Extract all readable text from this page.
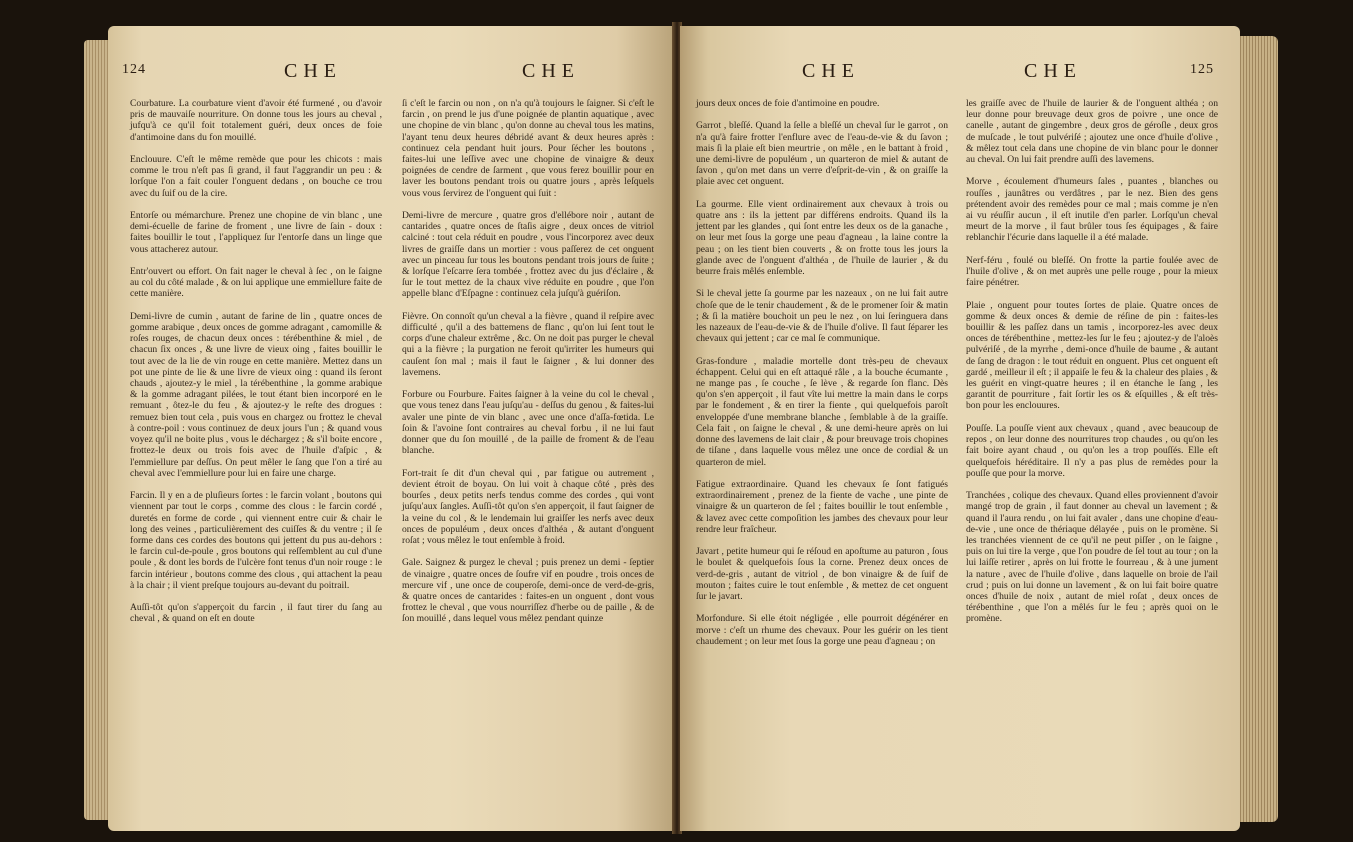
124	CHE	CHE
Courbature. La courbature vient d'avoir été furmené , ou d'avoir pris de mauvaiſe nourriture. On donne tous les jours au cheval , jufqu'à ce qu'il foit totalement guéri, deux onces de foie d'antimoine dans du fon mouillé.

Enclouure. C'eſt le même remède que pour les chicots : mais comme le trou n'eſt pas ſi grand, il faut l'aggrandir un peu : & lorſque l'on a fait couler l'onguent dedans , on bouche ce trou avec du ſuif ou de la cire.

Entorſe ou mémarchure. Prenez une chopine de vin blanc , une demi-écuelle de farine de froment , une livre de ſain - doux : faites bouillir le tout , l'appliquez ſur l'entorſe dans un linge que vous attacherez autour.

Entr'ouvert ou effort. On fait nager le cheval à ſec , on le ſaigne au col du côté malade , & on lui applique une emmiellure faite de cette manière.

Demi-livre de cumin , autant de farine de lin , quatre onces de gomme arabique , deux onces de gomme adragant , camomille & roſes rouges, de chacun deux onces : térébenthine & miel , de chacun ſix onces , & une livre de vieux oing , faites bouillir le tout avec de la lie de vin rouge en cette manière. Mettez dans un pot une pinte de lie & une livre de vieux oing : quand ils ſeront chauds , ajoutez-y le miel , la térébenthine , la gomme arabique & la gomme adragant pilées, le tout étant bien incorporé en le remuant , ôtez-le du feu , & ajoutez-y le reſte des drogues : remuez bien tout cela , puis vous en chargez ou frottez le cheval à contre-poil : vous continuez de deux jours l'un ; & quand vous voyez qu'il ne boite plus , vous le déchargez ; & s'il boite encore , frottez-le deux ou trois fois avec de l'huile d'aſpic , & l'emmiellure par deſſus. On peut mêler le ſang que l'on a tiré au cheval avec l'emmiellure pour lui en faire une charge.

Farcin. Il y en a de pluſieurs ſortes : le farcin volant , boutons qui viennent par tout le corps , comme des clous : le farcin cordé , duretés en forme de corde , qui viennent entre cuir & chair le long des veines , particulièrement des cuiſſes & du ventre ; il ſe forme dans ces cordes des boutons qui jettent du pus au-dehors : le farcin cul-de-poule , gros boutons qui reſſemblent au cul d'une poule , & dont les bords de l'ulcère font tenus d'un noir rouge : le farcin intérieur , boutons comme des clous , qui attachent la peau à la chair ; il vient preſque toujours au-devant du poitrail.

Auſſi-tôt qu'on s'apperçoit du farcin , il faut tirer du ſang au cheval , & quand on eſt en doute
ſi c'eſt le farcin ou non , on n'a qu'à toujours le ſaigner. Si c'eſt le farcin , on prend le jus d'une poignée de plantin aquatique , avec une chopine de vin blanc , qu'on donne au cheval tous les matins, l'ayant tenu deux heures débridé avant & deux heures après : continuez cela pendant huit jours. Pour ſécher les boutons , faites-lui une leſſive avec une chopine de vinaigre & deux poignées de cendre de ſarment , que vous ferez bouillir pour en laver les boutons pendant trois ou quatre jours , après leſquels vous vous ſervirez de l'onguent qui ſuit :

Demi-livre de mercure , quatre gros d'ellébore noir , autant de cantarides , quatre onces de ſtaſis aigre , deux onces de vitriol calciné : tout cela réduit en poudre , vous l'incorporez avec deux livres de graiſſe dans un mortier : vous paſſerez de cet onguent avec un pinceau ſur tous les boutons pendant trois jours de ſuite ; & lorſque l'eſcarre ſera tombée , frottez avec du jus d'éclaire , & ſur le tout mettez de la chaux vive réduite en poudre , que l'on appelle blanc d'Eſpagne : continuez cela juſqu'à guériſon.

Fièvre. On connoît qu'un cheval a la fièvre , quand il reſpire avec difficulté , qu'il a des battemens de flanc , qu'on lui ſent tout le corps d'une chaleur extrême , &c. On ne doit pas purger le cheval qui a la fièvre ; la purgation ne feroit qu'irriter les humeurs qui cauſent ſon mal ; mais il faut le ſaigner , & lui donner des lavemens.

Forbure ou Fourbure. Faites ſaigner à la veine du col le cheval , que vous tenez dans l'eau juſqu'au - deſſus du genou , & faites-lui avaler une pinte de vin blanc , avec une once d'aſſa-fœtida. Le ſoin & l'avoine ſont contraires au cheval forbu , il ne lui faut donner que du ſon mouillé , de la paille de froment & de l'eau blanche.

Fort-trait ſe dit d'un cheval qui , par fatigue ou autrement , devient étroit de boyau. On lui voit à chaque côté , près des bourſes , deux petits nerfs tendus comme des cordes , qui vont juſqu'aux ſangles. Auſſi-tôt qu'on s'en apperçoit, il faut ſaigner de la veine du col , & le lendemain lui graiſſer les nerfs avec deux onces de populéum , deux onces d'althéa , & autant d'onguent roſat ; vous mêlez le tout enſemble à froid.

Gale. Saignez & purgez le cheval ; puis prenez un demi - ſeptier de vinaigre , quatre onces de ſoufre vif en poudre , trois onces de mercure vif , une once de couperoſe, demi-once de verd-de-gris, & quatre onces de cantarides : faites-en un onguent , dont vous frottez le cheval , que vous nourriſſez d'herbe ou de paille , & de ſon mouillé , dans lequel vous mêlez pendant quinze
CHE	CHE	125
jours deux onces de foie d'antimoine en poudre.

Garrot , bleſſé. Quand la ſelle a bleſſé un cheval ſur le garrot , on n'a qu'à faire frotter l'enflure avec de l'eau-de-vie & du ſavon ; mais ſi la plaie eſt bien meurtrie , on mêle , en le battant à froid , une demi-livre de populéum , un quarteron de miel & autant de ſavon , qu'on met dans un verre d'eſprit-de-vin , & on graiſſe la plaie avec cet onguent.

La gourme. Elle vient ordinairement aux chevaux à trois ou quatre ans : ils la jettent par différens endroits. Quand ils la jettent par les glandes , qui ſont entre les deux os de la ganache , on leur met ſous la gorge une peau d'agneau , la laine contre la peau ; on les tient bien couverts , & on frotte tous les jours la glande avec de l'onguent d'althéa , de l'huile de laurier , & du beurre frais mêlés enſemble.

Si le cheval jette ſa gourme par les nazeaux , on ne lui fait autre choſe que de le tenir chaudement , & de le promener ſoir & matin ; & ſi la matière bouchoit un peu le nez , on lui ſeringuera dans les nazeaux de l'eau-de-vie & de l'huile d'olive. Il faut ſéparer les chevaux qui jettent ; car ce mal ſe communique.

Gras-fondure , maladie mortelle dont très-peu de chevaux échappent. Celui qui en eſt attaqué râle , a la bouche écumante , ne mange pas , ſe couche , ſe lève , & regarde ſon flanc. Dès qu'on s'en apperçoit , il faut vîte lui mettre la main dans le corps par le fondement , & en tirer la fiente , qui quelquefois paroît enveloppée d'une membrane blanche , ſemblable à de la graiſſe. Cela fait , on ſaigne le cheval , & une demi-heure après on lui donne des lavemens de lait clair , & pour breuvage trois chopines de tiſane , dans laquelle vous mêlez une once de cordial & un quarteron de miel.

Fatigue extraordinaire. Quand les chevaux ſe ſont fatigués extraordinairement , prenez de la fiente de vache , une pinte de vinaigre & un quarteron de ſel ; faites bouillir le tout enſemble , & lavez avec cette compoſition les jambes des chevaux pour leur rendre leur fraîcheur.

Javart , petite humeur qui ſe réſoud en apoſtume au paturon , ſous le boulet & quelquefois ſous la corne. Prenez deux onces de verd-de-gris , autant de vitriol , de bon vinaigre & de ſuif de mouton ; faites cuire le tout enſemble , & mettez de cet onguent ſur le javart.

Morfondure. Si elle étoit négligée , elle pourroit dégénérer en morve : c'eſt un rhume des chevaux. Pour les guérir on les tient chaudement ; on leur met ſous la gorge une peau d'agneau ; on
les graiſſe avec de l'huile de laurier & de l'onguent althéa ; on leur donne pour breuvage deux gros de poivre , une once de canelle , autant de gingembre , deux gros de géroſle , deux gros de muſcade , le tout pulvériſé ; ajoutez une once d'huile d'olive , & mêlez tout cela dans une chopine de vin blanc pour le donner au cheval. On lui fait prendre auſſi des lavemens.

Morve , écoulement d'humeurs ſales , puantes , blanches ou rouſſes , jaunâtres ou verdâtres , par le nez. Bien des gens prétendent avoir des remèdes pour ce mal ; mais comme je n'en ai vu réuſſir aucun , il eſt inutile d'en parler. Lorſqu'un cheval meurt de la morve , il faut brûler tous ſes équipages , & faire reblanchir l'écurie dans laquelle il a été malade.

Nerf-féru , foulé ou bleſſé. On frotte la partie foulée avec de l'huile d'olive , & on met auprès une pelle rouge , pour la mieux faire pénétrer.

Plaie , onguent pour toutes ſortes de plaie. Quatre onces de gomme & deux onces & demie de réſine de pin : faites-les bouillir & les paſſez dans un tamis , incorporez-les avec deux onces de térébenthine , mettez-les ſur le feu ; ajoutez-y de l'aloès pulvériſé , de la myrrhe , demi-once d'huile de baume , & autant de ſang de dragon : le tout réduit en onguent. Plus cet onguent eſt gardé , meilleur il eſt ; il appaiſe le feu & la chaleur des plaies , & les guérit en vingt-quatre heures ; il en étanche le ſang , les garantit de pourriture , fait ſortir les os & eſquilles , & eſt très-bon pour les enclouures.

Pouſſe. La pouſſe vient aux chevaux , quand , avec beaucoup de repos , on leur donne des nourritures trop chaudes , ou qu'on les fait boire ayant chaud , ou qu'on les a trop pouſſés. Elle eſt quelquefois héréditaire. Il n'y a pas plus de remèdes pour la pouſſe que pour la morve.

Tranchées , colique des chevaux. Quand elles proviennent d'avoir mangé trop de grain , il faut donner au cheval un lavement ; & quand il l'aura rendu , on lui fait avaler , dans une chopine d'eau-de-vie , une once de thériaque délayée , puis on le promène. Si les tranchées viennent de ce qu'il ne peut piſſer , on le ſaigne , puis on lui tire la verge , que l'on poudre de ſel tout au tour ; on la lui laiſſe retirer , après on lui frotte le fourreau , & à une jument la nature , avec de l'huile d'olive , dans laquelle on broie de l'ail crud ; puis on lui donne un lavement , & on lui fait boire quatre onces d'huile de noix , autant de miel roſat , deux onces de térébenthine , que l'on a mêlés ſur le feu ; après quoi on le promène.
